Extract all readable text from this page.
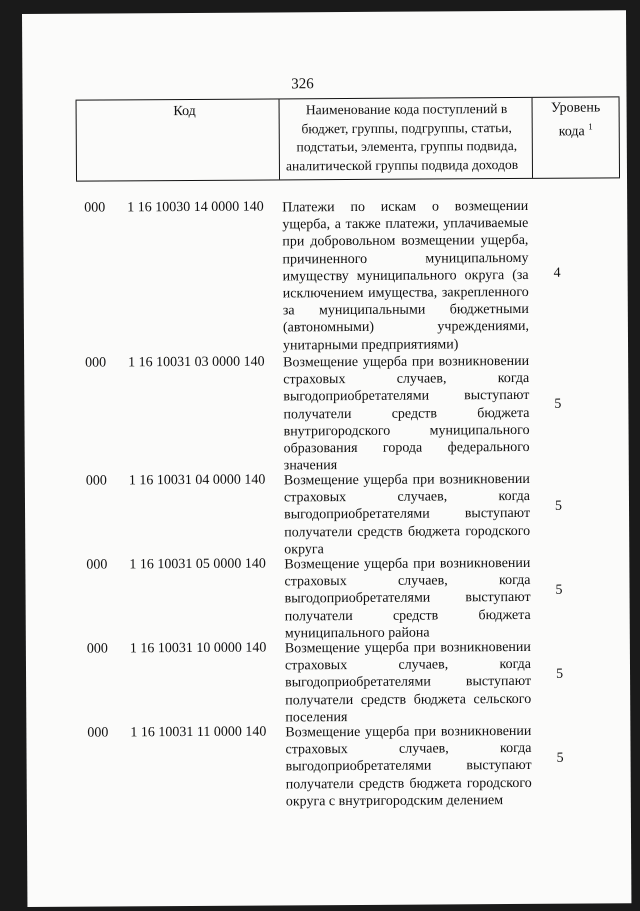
326
Код	Наименование кода поступлений в
бюджет, группы, подгруппы, статьи,
подстатьи, элемента, группы подвида,
аналитической группы подвида доходов
Уровень
кода $^1$
000 1 16 10030 14 0000 140 Платежи по искам о возмещении
ущерба, а также платежи, уплачиваемые
при добровольном возмещении ущерба,
причиненного муниципальному
имуществу муниципального округа (за
исключением имущества, закрепленного
за муниципальными бюджетными
(автономными) учреждениями,
унитарными предприятиями)
4
000 1 16 10031 03 0000 140 Возмещение ущерба при возникновении
страховых случаев, когда
выгодоприобретателями выступают
получатели средств бюджета
внутригородского муниципального
образования города федерального
значения
5
000 1 16 10031 04 0000 140 Возмещение ущерба при возникновении
страховых случаев, когда
выгодоприобретателями выступают
получатели средств бюджета городского
округа
5
000 1 16 10031 05 0000 140 Возмещение ущерба при возникновении
страховых случаев, когда
выгодоприобретателями выступают
получатели средств бюджета
муниципального района
5
000 1 16 10031 10 0000 140 Возмещение ущерба при возникновении
страховых случаев, когда
выгодоприобретателями выступают
получатели средств бюджета сельского
поселения
5
000 1 16 10031 11 0000 140 Возмещение ущерба при возникновении
страховых случаев, когда
выгодоприобретателями выступают
получатели средств бюджета городского
округа с внутригородским делением
5
